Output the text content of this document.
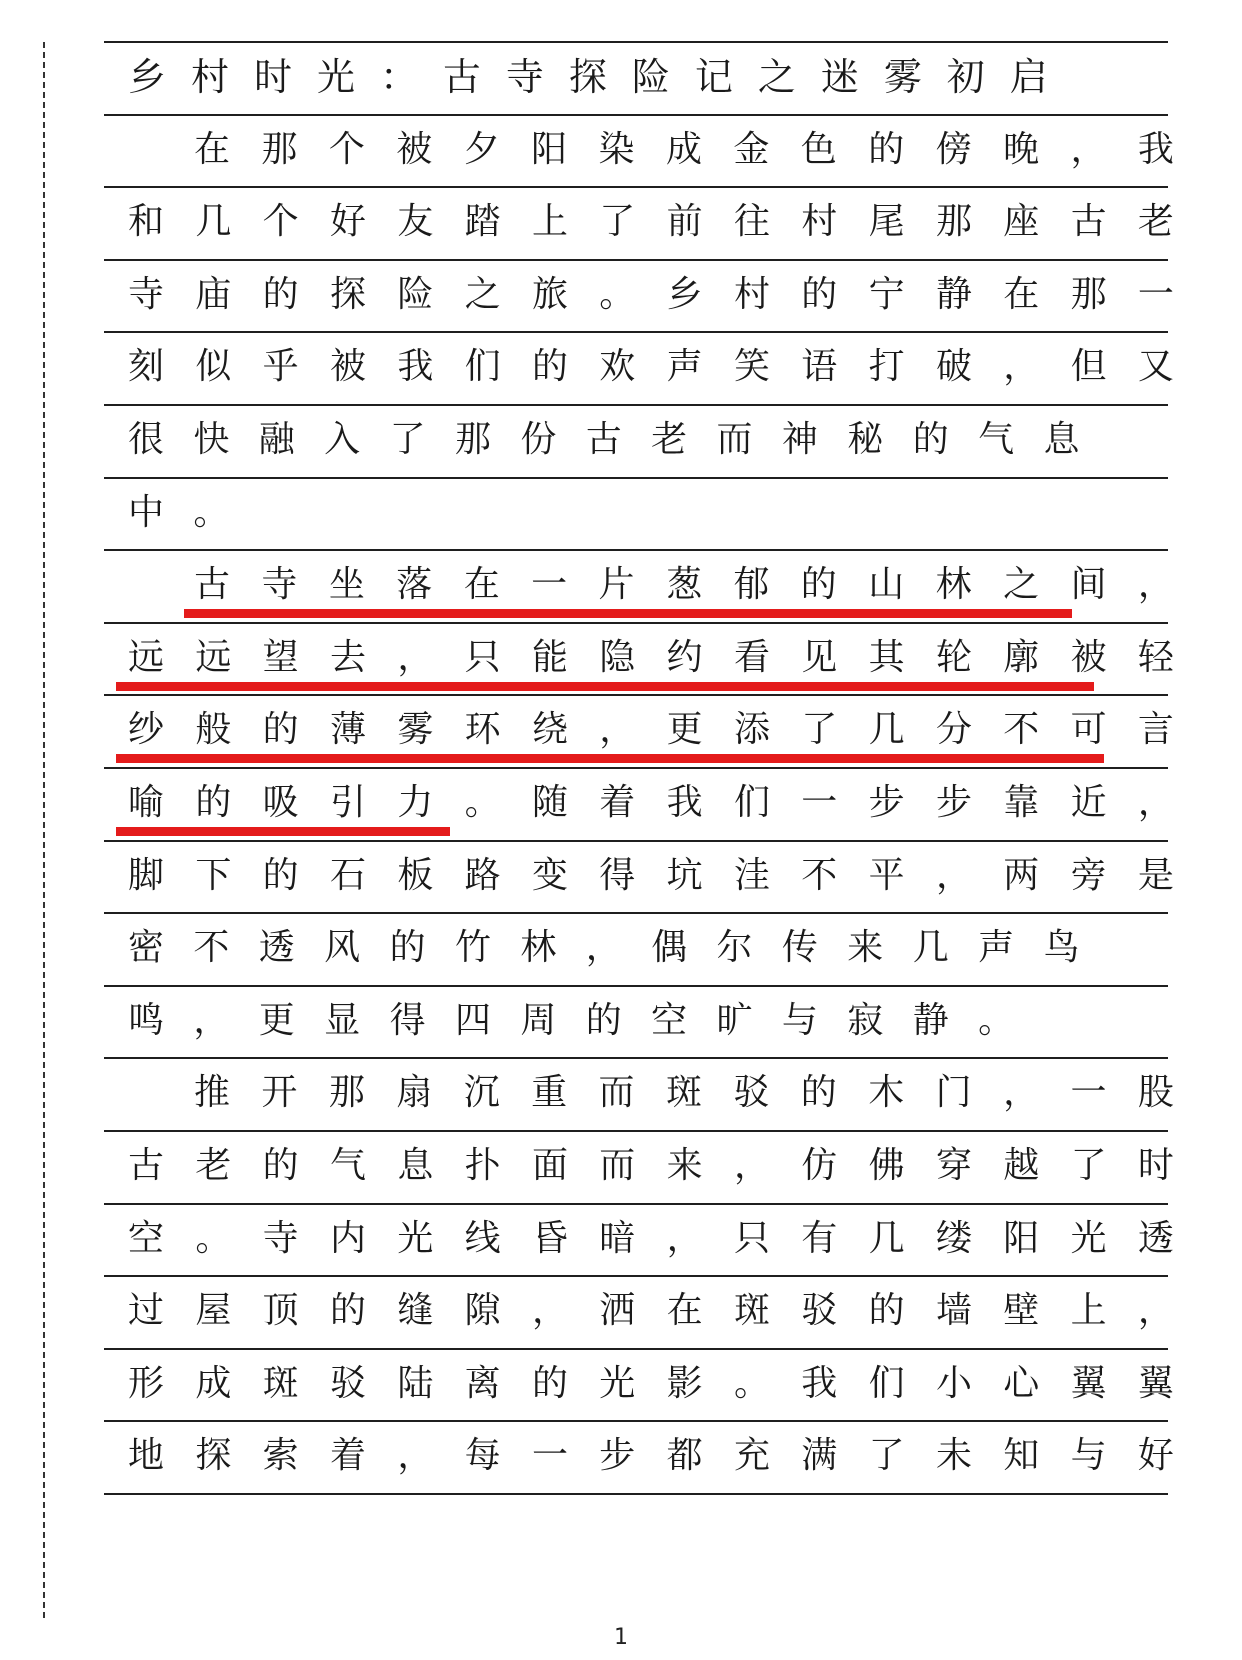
乡 村 时 光 ： 古 寺 探 险 记 之 迷 雾 初 启
在 那 个 被 夕 阳 染 成 金 色 的 傍 晚 ， 我
和 几 个 好 友 踏 上 了 前 往 村 尾 那 座 古 老
寺 庙 的 探 险 之 旅 。 乡 村 的 宁 静 在 那 一
刻 似 乎 被 我 们 的 欢 声 笑 语 打 破 ， 但 又
很 快 融 入 了 那 份 古 老 而 神 秘 的 气 息
中 。
古 寺 坐 落 在 一 片 葱 郁 的 山 林 之 间 ，
远 远 望 去 ， 只 能 隐 约 看 见 其 轮 廓 被 轻
纱 般 的 薄 雾 环 绕 ， 更 添 了 几 分 不 可 言
喻 的 吸 引 力 。 随 着 我 们 一 步 步 靠 近 ，
脚 下 的 石 板 路 变 得 坑 洼 不 平 ， 两 旁 是
密 不 透 风 的 竹 林 ， 偶 尔 传 来 几 声 鸟
鸣 ， 更 显 得 四 周 的 空 旷 与 寂 静 。
推 开 那 扇 沉 重 而 斑 驳 的 木 门 ， 一 股
古 老 的 气 息 扑 面 而 来 ， 仿 佛 穿 越 了 时
空 。 寺 内 光 线 昏 暗 ， 只 有 几 缕 阳 光 透
过 屋 顶 的 缝 隙 ， 洒 在 斑 驳 的 墙 壁 上 ，
形 成 斑 驳 陆 离 的 光 影 。 我 们 小 心 翼 翼
地 探 索 着 ， 每 一 步 都 充 满 了 未 知 与 好
1
